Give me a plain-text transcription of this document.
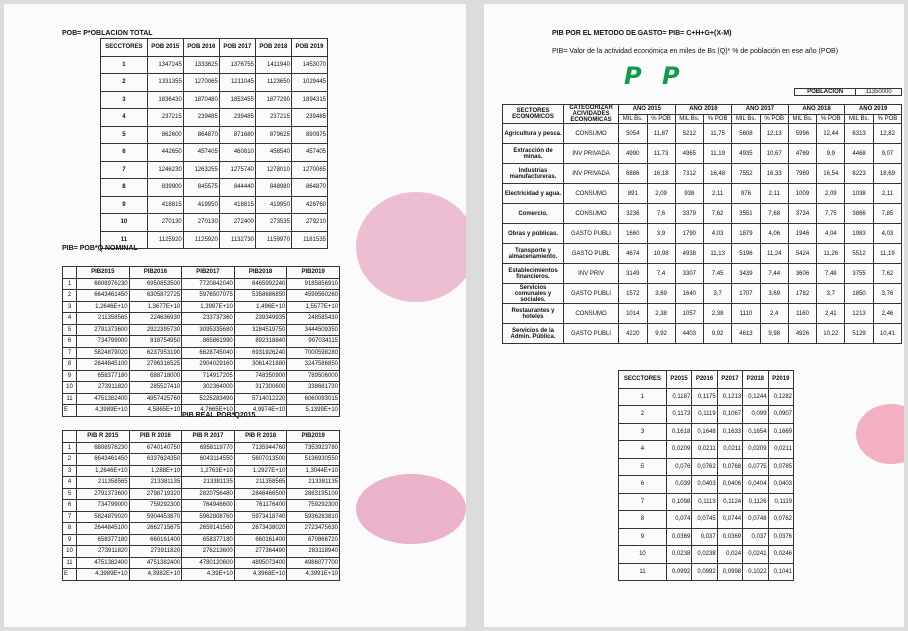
POB= P*OBLACION TOTAL
SECCTORES	POB 2015	POB 2016	POB 2017	POB 2018	POB 2019
1	1347245	1333625	1376755	1411940	1453070
2	1331355	1270065	1211045	1123650	1029445
3	1836430	1870480	1853455	1877290	1894315
4	237215	239485	239485	237215	239485
5	862600	864870	871680	879625	890975
6	442650	457405	460810	458540	457405
7	1246230	1263255	1275740	1278010	1270065
8	839900	845575	844440	848980	864870
9	418815	419950	418815	419950	426760
10	270130	270130	272400	273535	279210
11	1125920	1125920	1132730	1159970	1181535
PIB= POB*Q NOMINAL
	PIB2015	PIB2016	PIB2017	PIB2018	PIB2019
1	6808976230	6950853500	7720842040	8465992240	9185856910
2	6643461450	6305872725	5976507075	5358686850	4599560260
3	1,2646E+10	1,3677E+10	1,3997E+10	1,496E+10	1,5577E+10
4	211358565	224636930	233737360	239349935	248585430
5	2791373600	2922395730	3095335680	3284519750	3444509350
6	734799000	818754950	865861990	892318840	907034115
7	5824879020	6237953190	6628745040	6931926240	7000598280
8	2644845100	2796316525	2904029160	3061421880	3247586850
9	658377180	688718000	714917205	748350900	789506000
10	273911820	285527410	302364000	317300600	338681730
11	4751382400	4957425760	5225283490	5714012220	6060093015
E	4,3989E+10	4,5865E+10	4,7665E+10	4,9974E+10	5,1399E+10
PIB REAL POB*Q2015
	PIB R 2015	PIB R 2016	PIB R 2017	PIB R 2018	PIB2019
1	6808976230	6740140750	6958119770	7135944760	7353923780
2	6643461450	6337624350	6043114550	5607013500	5136930550
3	1,2646E+10	1,288E+10	1,2763E+10	1,2927E+10	1,3044E+10
4	211358565	213381135	213381135	211358565	213381135
5	2791373600	2798719320	2820756480	2846466500	2883195100
6	734799000	759292300	764946600	761176400	759292300
7	5824879020	5904453870	5962808760	5973418740	5936283810
8	2644845100	2662715675	2659141560	2673438020	2723475630
9	658377180	660161400	658377180	660161400	670866720
10	273911820	273911820	276213600	277364490	283118940
11	4751382400	4751382400	4780120600	4895073400	4986077700
E	4,3989E+10	4,3982E+10	4,39E+10	4,3968E+10	4,3991E+10
PIB POR EL METODO DE GASTO= PIB= C+H+G+(X-M)
PIB= Valor de la actividad económica en miles de Bs (Q)* % de población en ese año (POB)
P P
POBLACIÓN	11350000
SECTORES ECONOMICOS	CATEGORIZAR ACIVIDADES ECONOMICAS	AÑO 2015		AÑO 2016		AÑO 2017		AÑO 2018		AÑO 2019	
		MIL Bs.	% POB	MIL Bs.	% POB	MIL Bs.	% POB	MIL Bs.	% POB	MIL Bs.	% POB
Agricultura y pesca.	CONSUMO	5054	11,87	5212	11,75	5608	12,13	5996	12,44	6313	12,82
Extracción de minas.	INV PRIVADA	4990	11,73	4965	11,19	4935	10,67	4769	9,9	4468	9,07
Industrias manufactureras.	INV PRIVADA	6886	16,18	7312	16,48	7552	16,33	7969	16,54	8223	16,69
Electricidad y agua.	CONSUMO	891	2,09	938	2,11	976	2,11	1009	2,09	1038	2,11
Comercio.	CONSUMO	3236	7,6	3379	7,62	3551	7,68	3734	7,75	3866	7,85
Obras y públicas.	GASTO PUBLI	1660	3,9	1790	4,03	1879	4,06	1946	4,04	1983	4,03
Transporte y almacenamiento.	GASTO PUBL	4674	10,98	4938	11,13	5196	11,24	5424	11,26	5512	11,19
Establecimientos financieros.	INV PRIV	3149	7,4	3307	7,45	3439	7,44	3606	7,48	3755	7,62
Servicios comunales y sociales.	GASTO PUBLI	1572	3,69	1640	3,7	1707	3,69	1782	3,7	1850	3,76
Restaurantes y hoteles	CONSUMO	1014	2,38	1057	2,38	1110	2,4	1160	2,41	1213	2,46
Servicios de la Admin. Pública.	GASTO PUBLI	4220	9,92	4403	9,92	4613	9,98	4926	10,22	5129	10,41
SECCTORES	P2015	P2016	P2017	P2018	P2019
1	0,1187	0,1175	0,1213	0,1244	0,1282
2	0,1173	0,1119	0,1067	0,099	0,0907
3	0,1618	0,1648	0,1633	0,1654	0,1669
4	0,0209	0,0211	0,0211	0,0209	0,0211
5	0,076	0,0762	0,0768	0,0775	0,0785
6	0,039	0,0403	0,0406	0,0404	0,0403
7	0,1098	0,1113	0,1124	0,1126	0,1119
8	0,074	0,0745	0,0744	0,0748	0,0762
9	0,0369	0,037	0,0369	0,037	0,0376
10	0,0238	0,0238	0,024	0,0241	0,0246
11	0,0992	0,0992	0,0998	0,1022	0,1041
